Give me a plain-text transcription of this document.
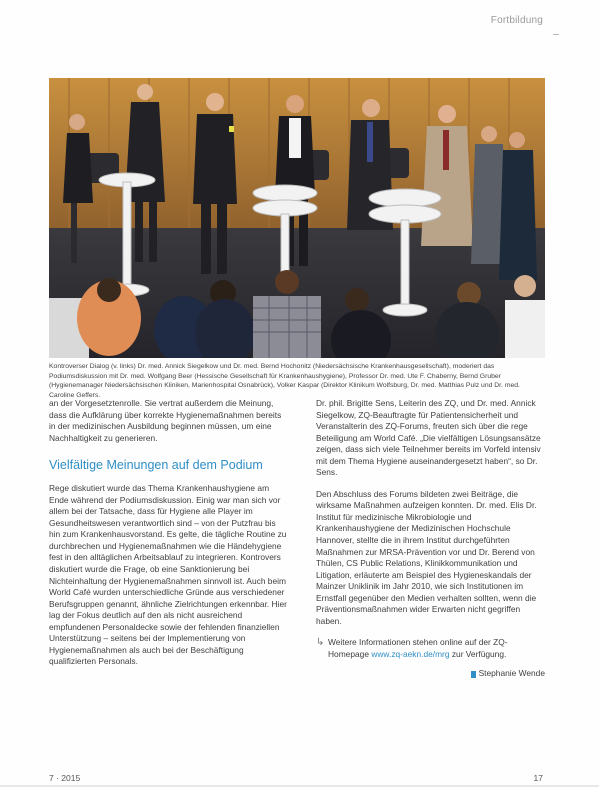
Fortbildung
Kontroverser Dialog (v. links) Dr. med. Annick Siegelkow und Dr. med. Bernd Hochonitz (Niedersächsische Krankenhausgesellschaft), moderiert das Podiumsdiskussion mit Dr. med. Wolfgang Beer (Hessische Gesellschaft für Krankenhaushygiene), Professor Dr. med. Ute F. Chaberny, Bernd Gruber (Hygienemanager Niedersächsischen Kliniken, Marienhospital Osnabrück), Volker Kaspar (Direktor Klinikum Wolfsburg, Dr. med. Matthias Pulz und Dr. med. Caroline Geffers.

an der Vorgesetztenrolle. Sie vertrat außerdem die Meinung, dass die Aufklärung über korrekte Hygienemaßnahmen bereits in der medizinischen Ausbildung beginnen müssen, um eine Nachhaltigkeit zu generieren.

Vielfältige Meinungen auf dem Podium

Rege diskutiert wurde das Thema Krankenhaushygiene am Ende während der Podiumsdiskussion. Einig war man sich vor allem bei der Tatsache, dass für Hygiene alle Player im Gesundheitswesen verantwortlich sind – von der Putzfrau bis hin zum Krankenhausvorstand. Es gelte, die tägliche Routine zu durchbrechen und Hygienemaßnahmen wie die Händehygiene fest in den alltäglichen Arbeitsablauf zu integrieren. Kontrovers diskutiert wurde die Frage, ob eine Sanktionierung bei Nichteinhaltung der Hygienemaßnahmen sinnvoll ist. Auch beim World Café wurden unterschiedliche Gründe aus verschiedener Berufsgruppen genannt, ähnliche Zielrichtungen erkennbar. Hier lag der Fokus deutlich auf den als nicht ausreichend empfundenen Personaldecke sowie der fehlenden finanziellen Unterstützung – seitens bei der Implementierung von Hygienemaßnahmen als auch bei der Beschäftigung qualifizierten Personals.

Dr. phil. Brigitte Sens, Leiterin des ZQ, und Dr. med. Annick Siegelkow, ZQ-Beauftragte für Patientensicherheit und Veranstalterin des ZQ-Forums, freuten sich über die rege Beteiligung am World Café. „Die vielfältigen Lösungsansätze zeigen, dass sich viele Teilnehmer bereits im Vorfeld intensiv mit dem Thema Hygiene auseinandergesetzt haben“, so Dr. Sens.

Den Abschluss des Forums bildeten zwei Beiträge, die wirksame Maßnahmen aufzeigen konnten. Dr. med. Elis Dr. Institut für medizinische Mikrobiologie und Krankenhaushygiene der Medizinischen Hochschule Hannover, stellte die in ihrem Institut durchgeführten Maßnahmen zur MRSA-Prävention vor und Dr. Berend von Thülen, CS Public Relations, Klinikkommunikation und Litigation, erläuterte am Beispiel des Hygieneskandals der Mainzer Uniklinik im Jahr 2010, wie sich Institutionen im Ernstfall gegenüber den Medien verhalten sollten, wenn die Präventionsmaßnahmen wider Erwarten nicht gegriffen haben.

↳ Weitere Informationen stehen online auf der ZQ-Homepage www.zq-aekn.de/mrg zur Verfügung.
Stephanie Wende
7 · 2015	17
